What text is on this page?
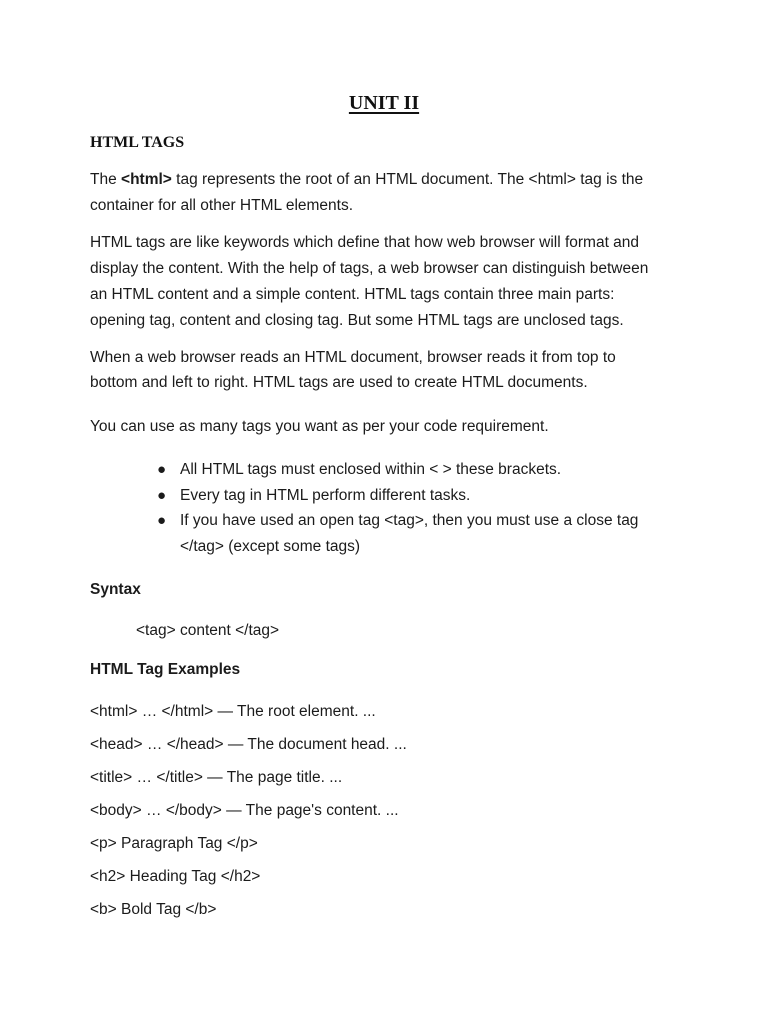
UNIT II
HTML TAGS
The <html> tag represents the root of an HTML document. The <html> tag is the
container for all other HTML elements.
HTML tags are like keywords which define that how web browser will format and
display the content. With the help of tags, a web browser can distinguish between
an HTML content and a simple content. HTML tags contain three main parts:
opening tag, content and closing tag. But some HTML tags are unclosed tags.
When a web browser reads an HTML document, browser reads it from top to
bottom and left to right. HTML tags are used to create HTML documents.
You can use as many tags you want as per your code requirement.
● All HTML tags must enclosed within < > these brackets.
● Every tag in HTML perform different tasks.
● If you have used an open tag <tag>, then you must use a close tag
</tag> (except some tags)
Syntax
<tag> content </tag>
HTML Tag Examples
<html> … </html> — The root element. ...
<head> … </head> — The document head. ...
<title> … </title> — The page title. ...
<body> … </body> — The page's content. ...
<p> Paragraph Tag </p>
<h2> Heading Tag </h2>
<b> Bold Tag </b>
